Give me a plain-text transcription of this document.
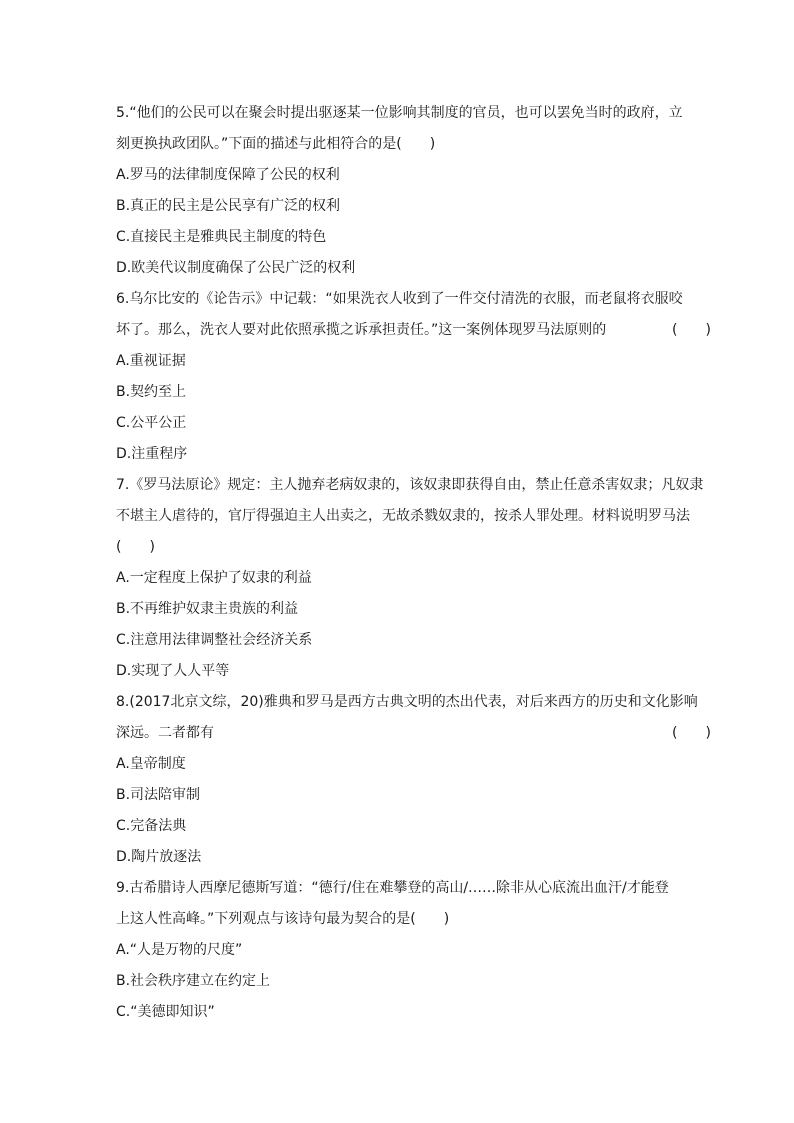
5.“他们的公民可以在聚会时提出驱逐某一位影响其制度的官员，也可以罢免当时的政府，立
刻更换执政团队。”下面的描述与此相符合的是(　　)
A.罗马的法律制度保障了公民的权利
B.真正的民主是公民享有广泛的权利
C.直接民主是雅典民主制度的特色
D.欧美代议制度确保了公民广泛的权利
6.乌尔比安的《论告示》中记载：“如果洗衣人收到了一件交付清洗的衣服，而老鼠将衣服咬
坏了。那么，洗衣人要对此依照承揽之诉承担责任。”这一案例体现罗马法原则的	(　　)
A.重视证据
B.契约至上
C.公平公正
D.注重程序
7.《罗马法原论》规定：主人抛弃老病奴隶的，该奴隶即获得自由，禁止任意杀害奴隶；凡奴隶
不堪主人虐待的，官厅得强迫主人出卖之，无故杀戮奴隶的，按杀人罪处理。材料说明罗马法
(　　)
A.一定程度上保护了奴隶的利益
B.不再维护奴隶主贵族的利益
C.注意用法律调整社会经济关系
D.实现了人人平等
8.(2017北京文综，20)雅典和罗马是西方古典文明的杰出代表，对后来西方的历史和文化影响
深远。二者都有	(　　)
A.皇帝制度
B.司法陪审制
C.完备法典
D.陶片放逐法
9.古希腊诗人西摩尼德斯写道：“德行/住在难攀登的高山/……除非从心底流出血汗/才能登
上这人性高峰。”下列观点与该诗句最为契合的是(　　)
A.“人是万物的尺度”
B.社会秩序建立在约定上
C.“美德即知识”
